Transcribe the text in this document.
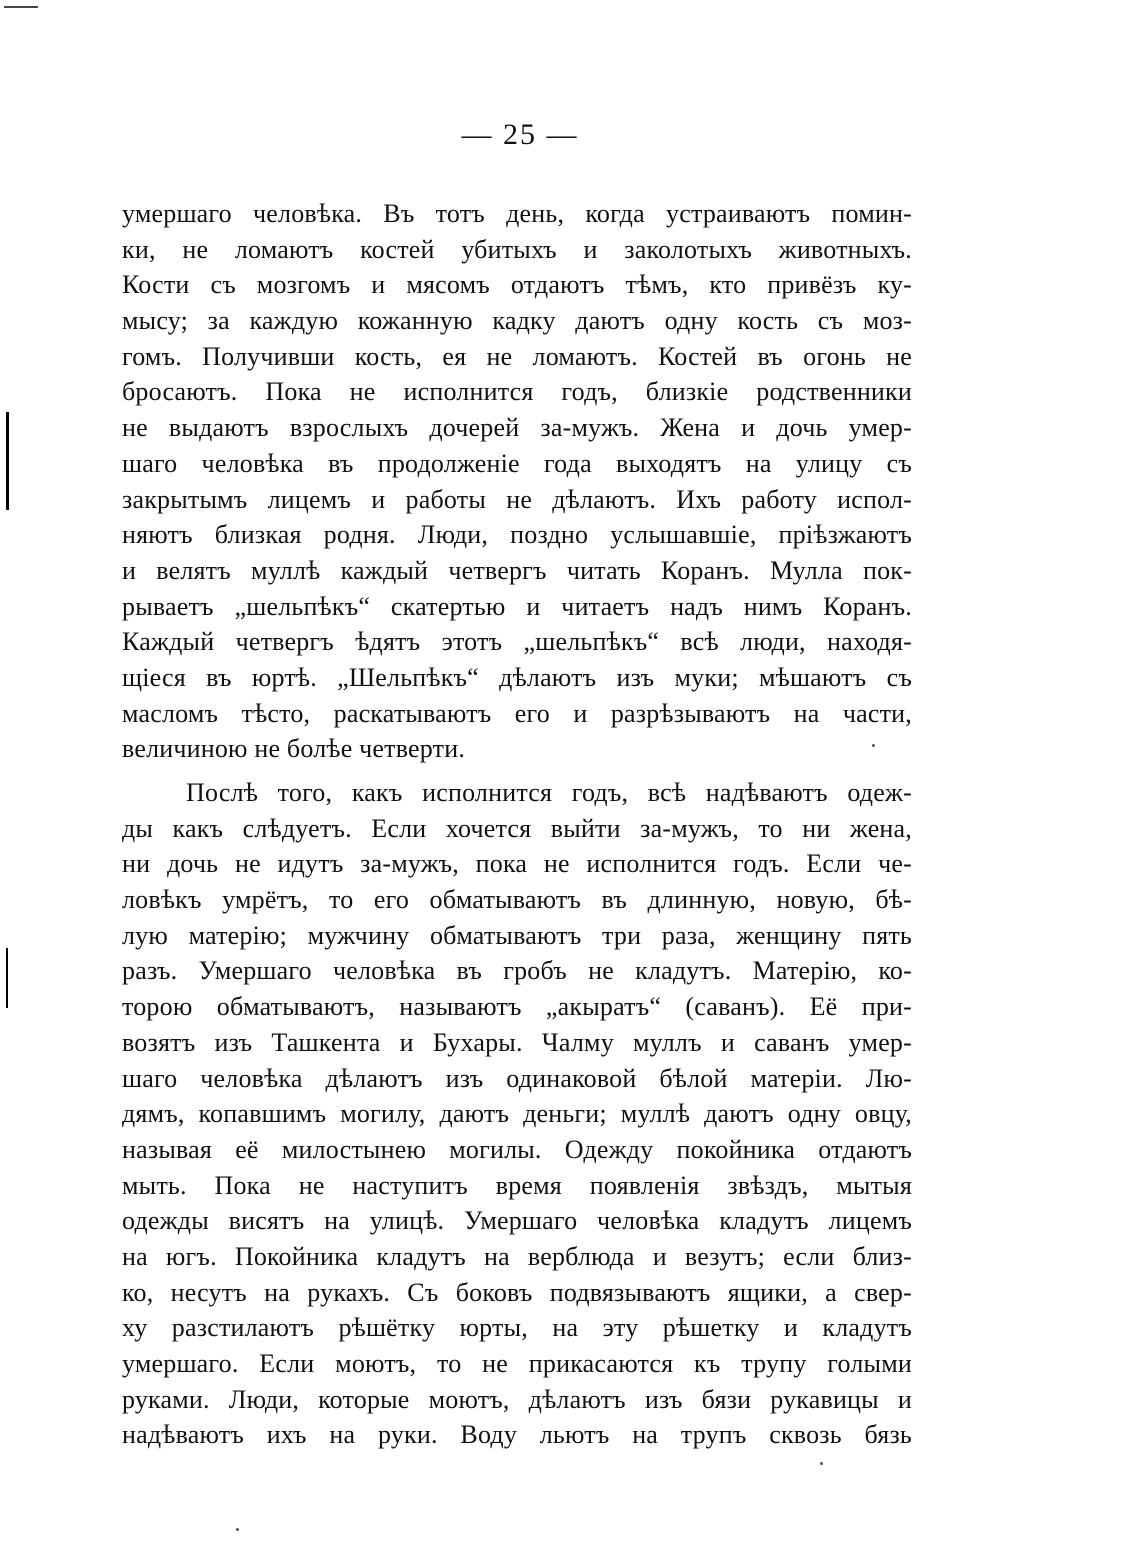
— 25 —
умершаго человѣка. Въ тотъ день, когда устраиваютъ помин-
ки, не ломаютъ костей убитыхъ и заколотыхъ животныхъ.
Кости съ мозгомъ и мясомъ отдаютъ тѣмъ, кто привёзъ ку-
мысу; за каждую кожанную кадку даютъ одну кость съ моз-
гомъ. Получивши кость, ея не ломаютъ. Костей въ огонь не
бросаютъ. Пока не исполнится годъ, близкіе родственники
не выдаютъ взрослыхъ дочерей за-мужъ. Жена и дочь умер-
шаго человѣка въ продолженіе года выходятъ на улицу съ
закрытымъ лицемъ и работы не дѣлаютъ. Ихъ работу испол-
няютъ близкая родня. Люди, поздно услышавшіе, пріѣзжаютъ
и велятъ муллѣ каждый четвергъ читать Коранъ. Мулла пок-
рываетъ „шельпѣкъ“ скатертью и читаетъ надъ нимъ Коранъ.
Каждый четвергъ ѣдятъ этотъ „шельпѣкъ“ всѣ люди, находя-
щіеся въ юртѣ. „Шельпѣкъ“ дѣлаютъ изъ муки; мѣшаютъ съ
масломъ тѣсто, раскатываютъ его и разрѣзываютъ на части,
величиною не болѣе четверти.
Послѣ того, какъ исполнится годъ, всѣ надѣваютъ одеж-
ды какъ слѣдуетъ. Если хочется выйти за-мужъ, то ни жена,
ни дочь не идутъ за-мужъ, пока не исполнится годъ. Если че-
ловѣкъ умрётъ, то его обматываютъ въ длинную, новую, бѣ-
лую матерію; мужчину обматываютъ три раза, женщину пять
разъ. Умершаго человѣка въ гробъ не кладутъ. Матерію, ко-
торою обматываютъ, называютъ „акыратъ“ (саванъ). Её при-
возятъ изъ Ташкента и Бухары. Чалму муллъ и саванъ умер-
шаго человѣка дѣлаютъ изъ одинаковой бѣлой матеріи. Лю-
дямъ, копавшимъ могилу, даютъ деньги; муллѣ даютъ одну овцу,
называя её милостынею могилы. Одежду покойника отдаютъ
мыть. Пока не наступитъ время появленія звѣздъ, мытыя
одежды висятъ на улицѣ. Умершаго человѣка кладутъ лицемъ
на югъ. Покойника кладутъ на верблюда и везутъ; если близ-
ко, несутъ на рукахъ. Съ боковъ подвязываютъ ящики, а свер-
ху разстилаютъ рѣшётку юрты, на эту рѣшетку и кладутъ
умершаго. Если моютъ, то не прикасаются къ трупу голыми
руками. Люди, которые моютъ, дѣлаютъ изъ бязи рукавицы и
надѣваютъ ихъ на руки. Воду льютъ на трупъ сквозь бязь
